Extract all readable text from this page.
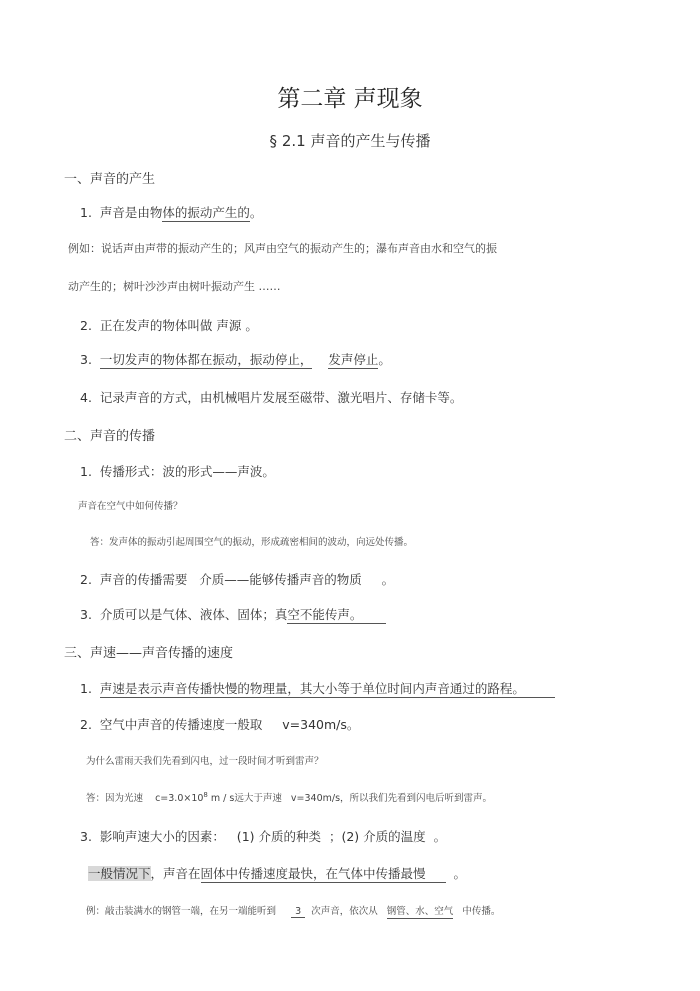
第二章 声现象
§ 2.1 声音的产生与传播
一、声音的产生
1. 声音是由物体的振动产生的。
例如：说话声由声带的振动产生的；风声由空气的振动产生的；瀑布声音由水和空气的振
动产生的；树叶沙沙声由树叶振动产生 ……
2. 正在发声的物体叫做 声源 。
3. 一切发声的物体都在振动，振动停止， 发声停止。
4. 记录声音的方式，由机械唱片发展至磁带、激光唱片、存储卡等。
二、声音的传播
1. 传播形式：波的形式——声波。
声音在空气中如何传播？
答：发声体的振动引起周围空气的振动，形成疏密相间的波动，向远处传播。
2. 声音的传播需要   介质——能够传播声音的物质     。
3. 介质可以是气体、液体、固体；真空不能传声。
三、声速——声音传播的速度
1. 声速是表示声音传播快慢的物理量，其大小等于单位时间内声音通过的路程。
2. 空气中声音的传播速度一般取     v=340m/s。
为什么雷雨天我们先看到闪电，过一段时间才听到雷声？
答：因为光速    $c=3.0\times 10^8$ m / s远大于声速   v=340m/s，所以我们先看到闪电后听到雷声。
3. 影响声速大小的因素：   (1) 介质的种类  ；(2) 介质的温度  。
一般情况下，声音在固体中传播速度最快，在气体中传播最慢  。
例：敲击装满水的钢管一端，在另一端能听到     3  次声音，依次从   钢管、水、空气   中传播。
